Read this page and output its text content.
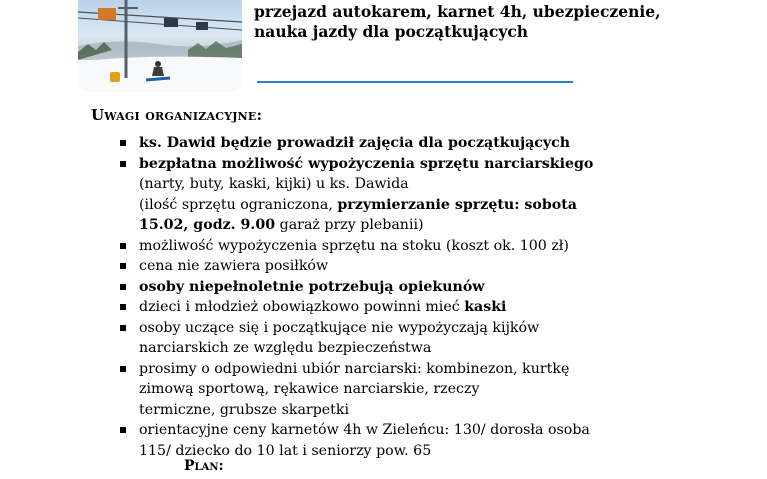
przejazd autokarem, karnet 4h, ubezpieczenie,
nauka jazdy dla początkujących
Uwagi organizacyjne:
ks. Dawid będzie prowadził zajęcia dla początkujących
bezpłatna możliwość wypożyczenia sprzętu narciarskiego
(narty, buty, kaski, kijki) u ks. Dawida
(ilość sprzętu ograniczona, przymierzanie sprzętu: sobota
15.02, godz. 9.00 garaż przy plebanii)
możliwość wypożyczenia sprzętu na stoku (koszt ok. 100 zł)
cena nie zawiera posiłków
osoby niepełnoletnie potrzebują opiekunów
dzieci i młodzież obowiązkowo powinni mieć kaski
osoby uczące się i początkujące nie wypożyczają kijków
narciarskich ze względu bezpieczeństwa
prosimy o odpowiedni ubiór narciarski: kombinezon, kurtkę
zimową sportową, rękawice narciarskie, rzeczy
termiczne, grubsze skarpetki
orientacyjne ceny karnetów 4h w Zieleńcu: 130/ dorosła osoba
115/ dziecko do 10 lat i seniorzy pow. 65
Plan:
